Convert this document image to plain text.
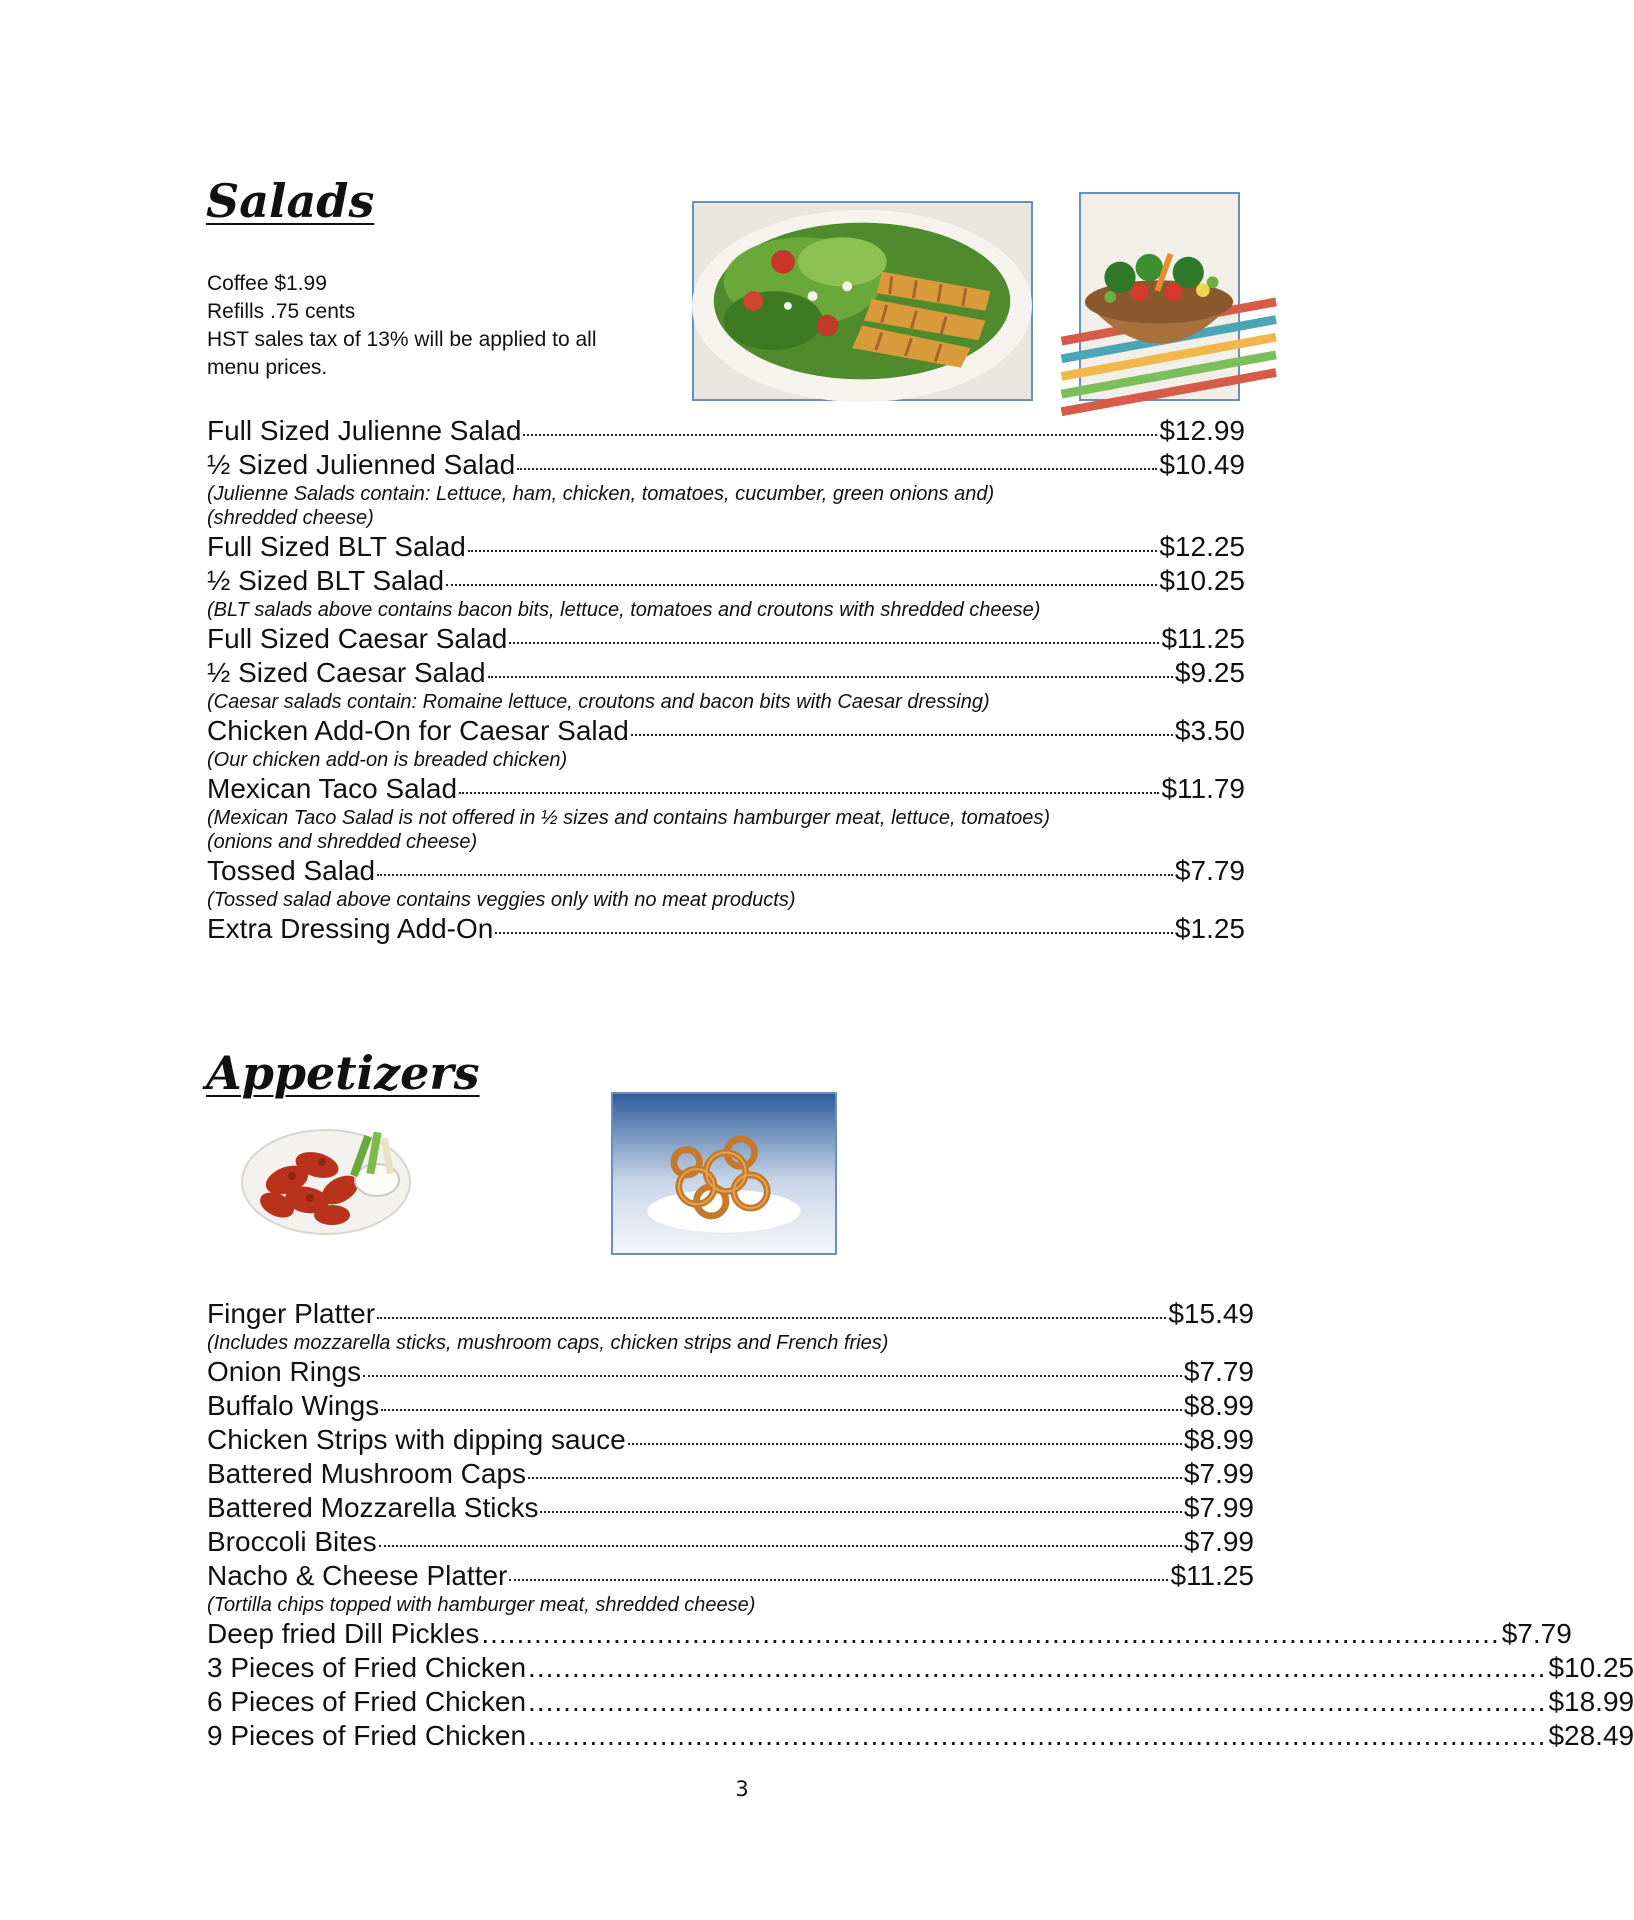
Salads
Coffee $1.99
Refills .75 cents
HST sales tax of 13% will be applied to all
menu prices.
Full Sized Julienne Salad	$12.99
½ Sized Julienned Salad	$10.49
(Julienne Salads contain: Lettuce, ham, chicken, tomatoes, cucumber, green onions and)
(shredded cheese)
Full Sized BLT Salad	$12.25
½ Sized BLT Salad	$10.25
(BLT salads above contains bacon bits, lettuce, tomatoes and croutons with shredded cheese)
Full Sized Caesar Salad	$11.25
½ Sized Caesar Salad	$9.25
(Caesar salads contain: Romaine lettuce, croutons and bacon bits with Caesar dressing)
Chicken Add-On for Caesar Salad	$3.50
(Our chicken add-on is breaded chicken)
Mexican Taco Salad	$11.79
(Mexican Taco Salad is not offered in ½ sizes and contains hamburger meat, lettuce, tomatoes)
(onions and shredded cheese)
Tossed Salad	$7.79
(Tossed salad above contains veggies only with no meat products)
Extra Dressing Add-On	$1.25
Appetizers
Finger Platter	$15.49
(Includes mozzarella sticks, mushroom caps, chicken strips and French fries)
Onion Rings	$7.79
Buffalo Wings	$8.99
Chicken Strips with dipping sauce	$8.99
Battered Mushroom Caps	$7.99
Battered Mozzarella Sticks	$7.99
Broccoli Bites	$7.99
Nacho & Cheese Platter	$11.25
(Tortilla chips topped with hamburger meat, shredded cheese)
Deep fried Dill Pickles .................................................................................................................... $7.79
3 Pieces of Fried Chicken .................................................................................................................... $10.25
6 Pieces of Fried Chicken .................................................................................................................... $18.99
9 Pieces of Fried Chicken .................................................................................................................... $28.49
3
